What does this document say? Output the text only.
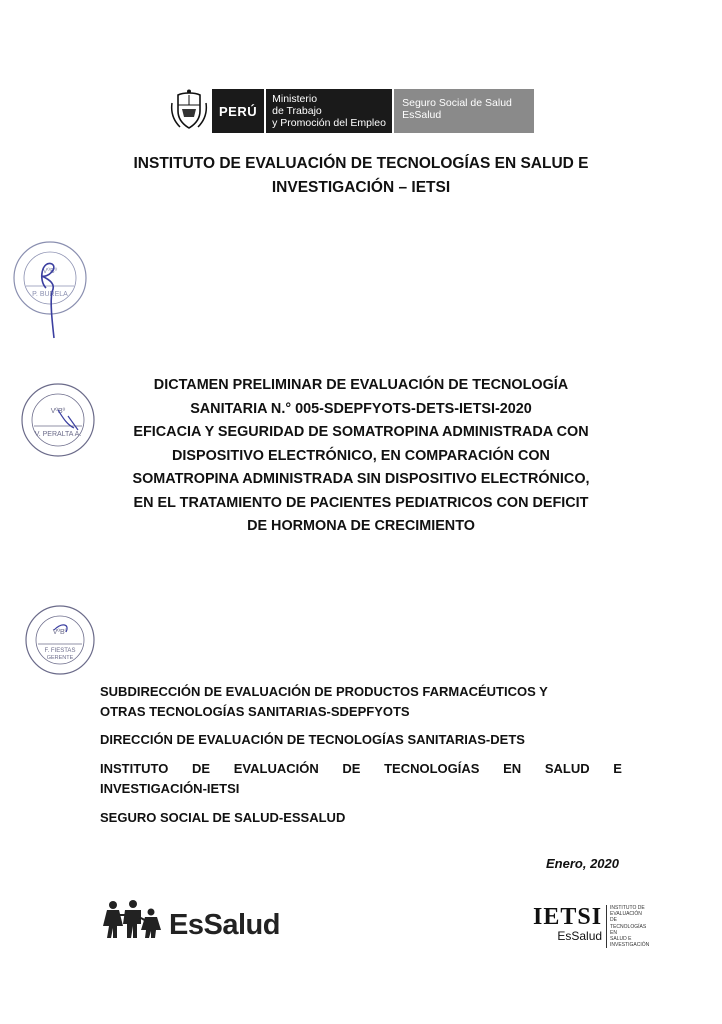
PERÚ
Ministerio
de Trabajo
y Promoción del Empleo
Seguro Social de Salud
EsSalud
INSTITUTO DE EVALUACIÓN DE TECNOLOGÍAS EN SALUD E
INVESTIGACIÓN – IETSI
VºBº
P. BURELA
VºBº
V. PERALTA A.
VºBº
F. FIESTAS
GERENTE
DICTAMEN PRELIMINAR DE EVALUACIÓN DE TECNOLOGÍA
SANITARIA N.° 005-SDEPFYOTS-DETS-IETSI-2020
EFICACIA Y SEGURIDAD DE SOMATROPINA ADMINISTRADA CON
DISPOSITIVO ELECTRÓNICO, EN COMPARACIÓN CON
SOMATROPINA ADMINISTRADA SIN DISPOSITIVO ELECTRÓNICO,
EN EL TRATAMIENTO DE PACIENTES PEDIATRICOS CON DEFICIT
DE HORMONA DE CRECIMIENTO
SUBDIRECCIÓN DE EVALUACIÓN DE PRODUCTOS FARMACÉUTICOS Y
OTRAS TECNOLOGÍAS SANITARIAS-SDEPFYOTS
DIRECCIÓN DE EVALUACIÓN DE TECNOLOGÍAS SANITARIAS-DETS
INSTITUTO DE EVALUACIÓN DE TECNOLOGÍAS EN SALUD E
INVESTIGACIÓN-IETSI
SEGURO SOCIAL DE SALUD-ESSALUD
Enero, 2020
EsSalud	IETSI
EsSalud
INSTITUTO DE
EVALUACIÓN DE
TECNOLOGÍAS EN
SALUD E
INVESTIGACIÓN
